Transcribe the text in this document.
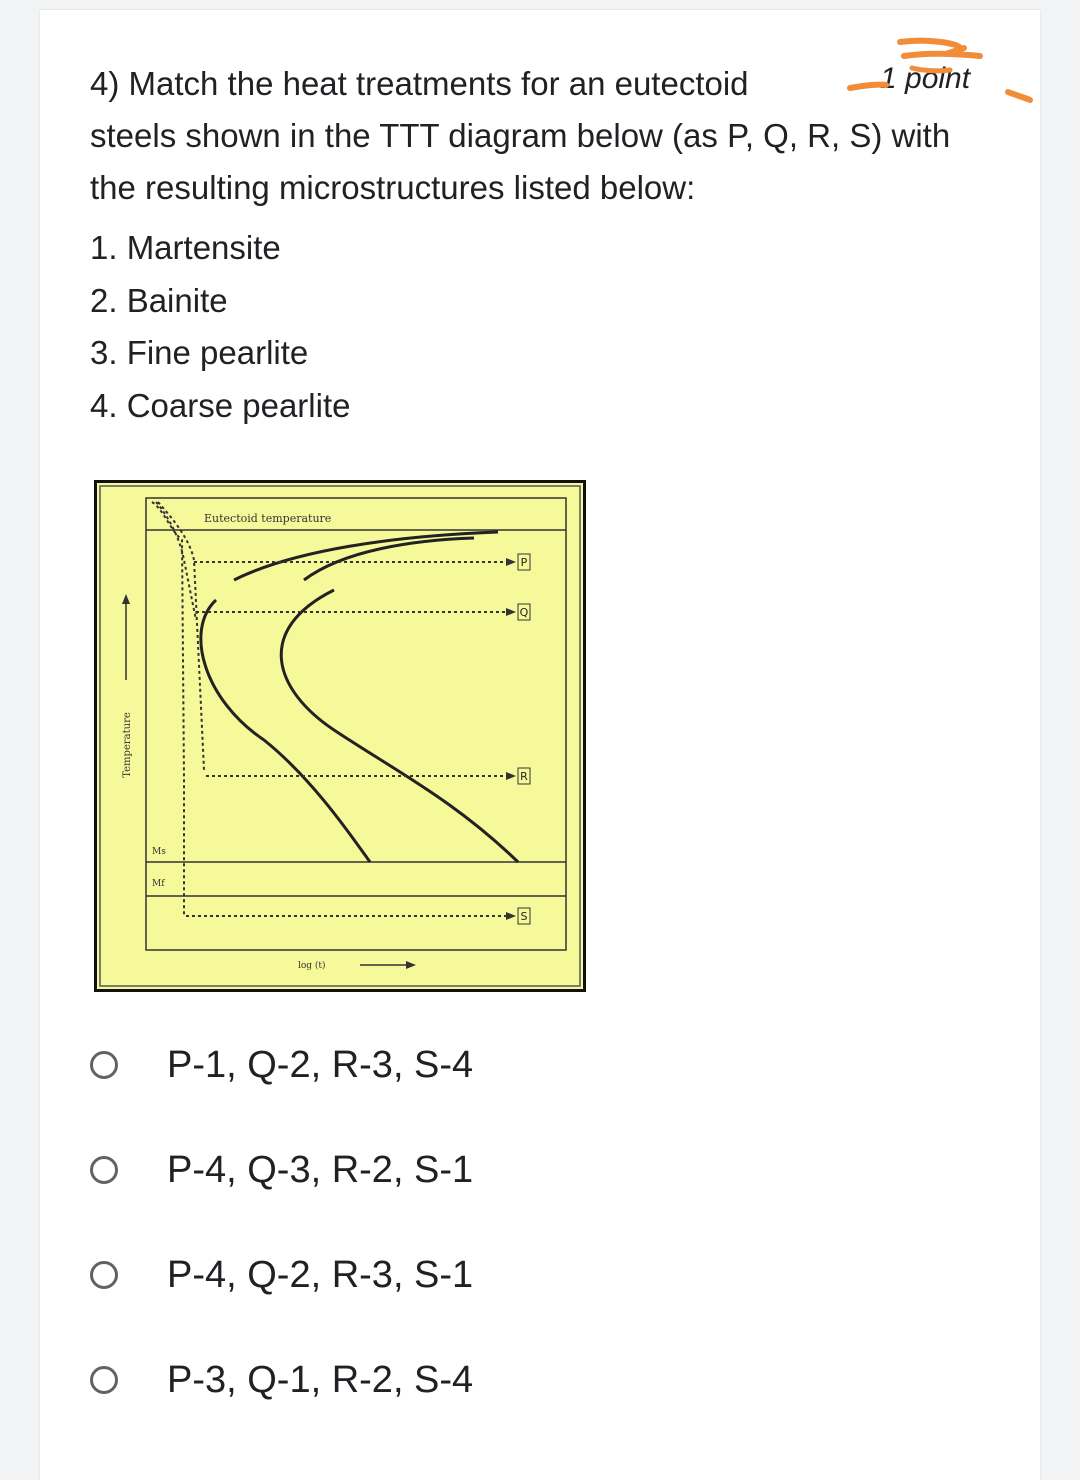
4) Match the heat treatments for an eutectoid

steels shown in the TTT diagram below (as P, Q, R, S) with

the resulting microstructures listed below:

1 point

1. Martensite

2. Bainite

3. Fine pearlite

4. Coarse pearlite

Eutectoid temperature
Temperature
log (t)
Ms
Mf
P
Q
R
S
P-1, Q-2, R-3, S-4
P-4, Q-3, R-2, S-1
P-4, Q-2, R-3, S-1
P-3, Q-1, R-2, S-4
